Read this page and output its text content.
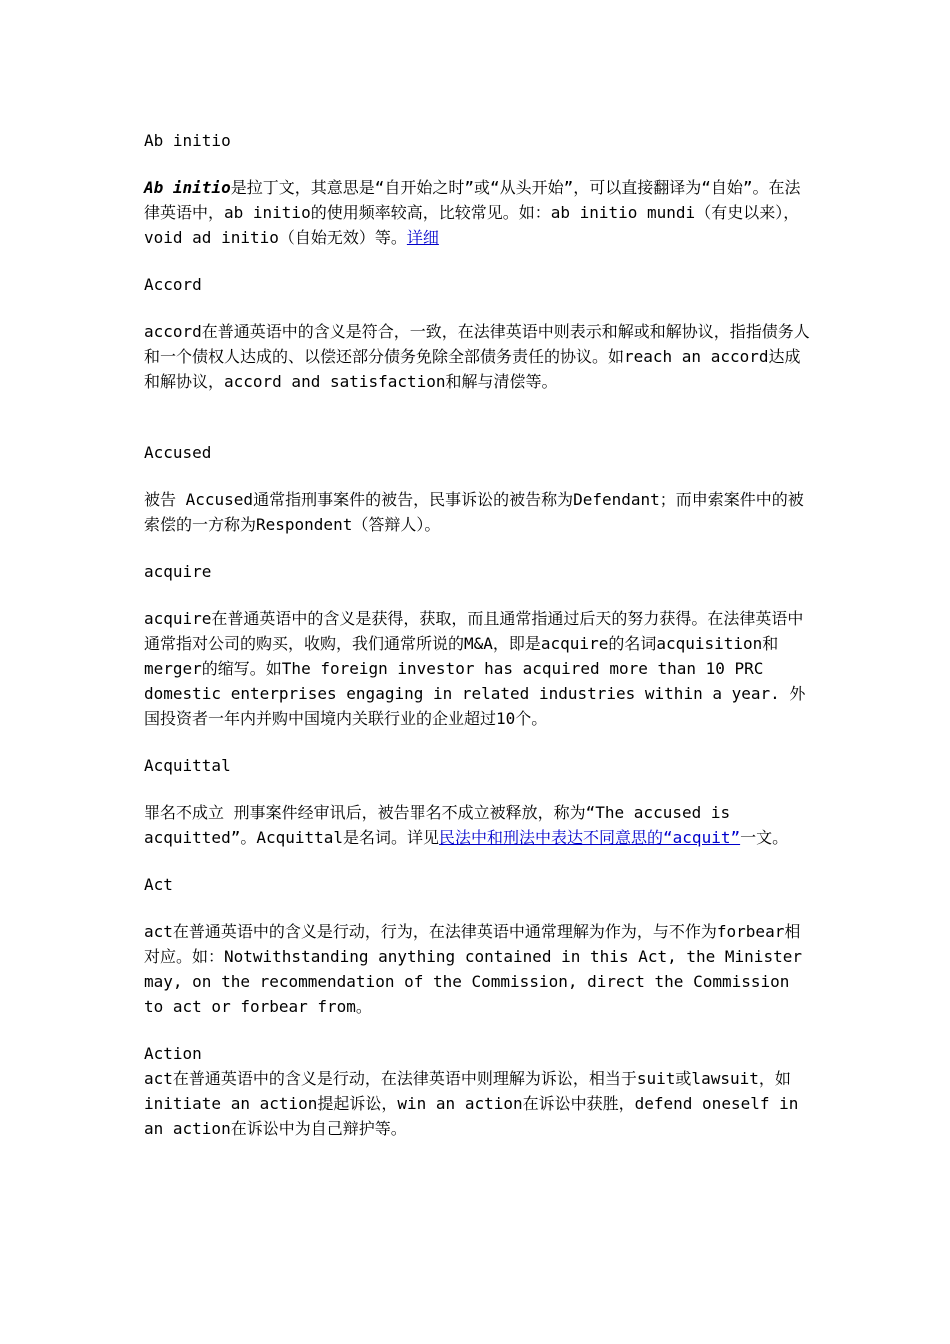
Ab initio

Ab initio是拉丁文，其意思是“自开始之时”或“从头开始”，可以直接翻译为“自始”。在法律英语中，ab initio的使用频率较高，比较常见。如：ab initio mundi（有史以来），void ad initio（自始无效）等。详细

Accord

accord在普通英语中的含义是符合，一致，在法律英语中则表示和解或和解协议，指指债务人和一个债权人达成的、以偿还部分债务免除全部债务责任的协议。如reach an accord达成和解协议，accord and satisfaction和解与清偿等。

Accused

被告 Accused通常指刑事案件的被告，民事诉讼的被告称为Defendant；而申索案件中的被索偿的一方称为Respondent（答辩人）。

acquire

acquire在普通英语中的含义是获得，获取，而且通常指通过后天的努力获得。在法律英语中通常指对公司的购买，收购，我们通常所说的M&A，即是acquire的名词acquisition和merger的缩写。如The foreign investor has acquired more than 10 PRC domestic enterprises engaging in related industries within a year. 外国投资者一年内并购中国境内关联行业的企业超过10个。

Acquittal

罪名不成立 刑事案件经审讯后，被告罪名不成立被释放，称为“The accused is acquitted”。Acquittal是名词。详见民法中和刑法中表达不同意思的“acquit”一文。

Act

act在普通英语中的含义是行动，行为，在法律英语中通常理解为作为，与不作为forbear相对应。如：Notwithstanding anything contained in this Act, the Minister may, on the recommendation of the Commission, direct the Commission to act or forbear from。

Action

act在普通英语中的含义是行动，在法律英语中则理解为诉讼，相当于suit或lawsuit，如initiate an action提起诉讼，win an action在诉讼中获胜，defend oneself in an action在诉讼中为自己辩护等。
